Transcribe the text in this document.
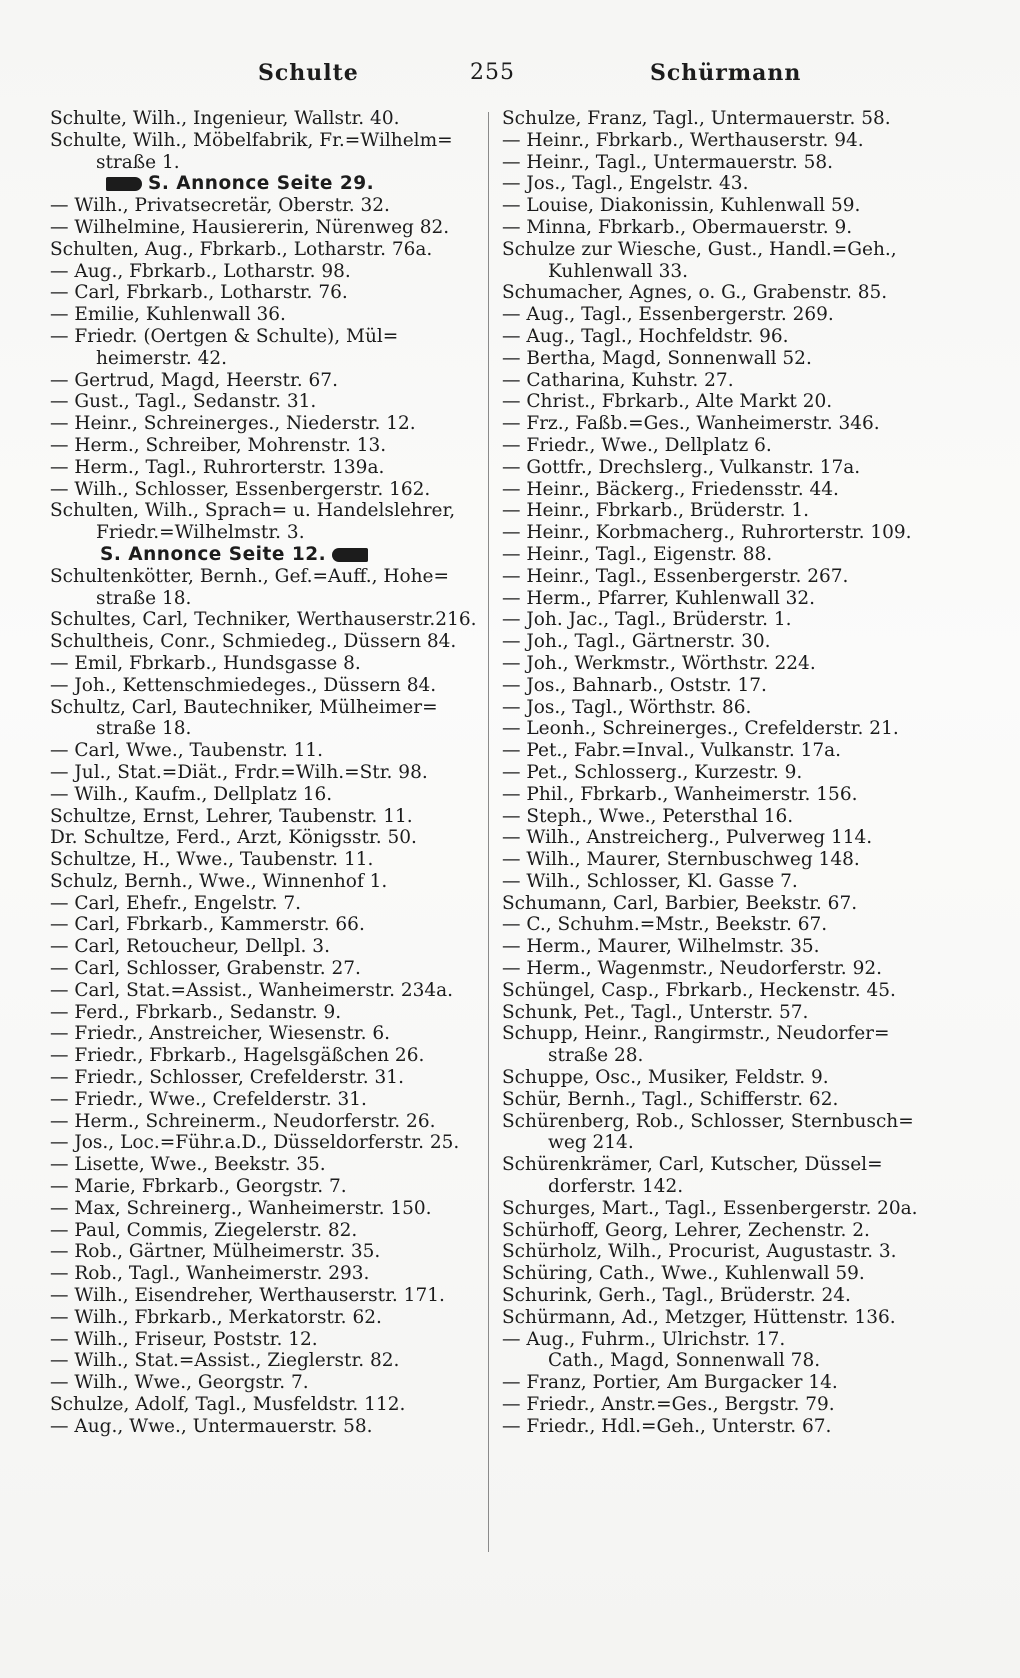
Schulte	255	Schürmann
Schulte, Wilh., Ingenieur, Wallstr. 40.
Schulte, Wilh., Möbelfabrik, Fr.=Wilhelm=
straße 1.
S. Annonce Seite 29.
— Wilh., Privatsecretär, Oberstr. 32.
— Wilhelmine, Hausiererin, Nürenweg 82.
Schulten, Aug., Fbrkarb., Lotharstr. 76a.
— Aug., Fbrkarb., Lotharstr. 98.
— Carl, Fbrkarb., Lotharstr. 76.
— Emilie, Kuhlenwall 36.
— Friedr. (Oertgen & Schulte), Mül=
heimerstr. 42.
— Gertrud, Magd, Heerstr. 67.
— Gust., Tagl., Sedanstr. 31.
— Heinr., Schreinerges., Niederstr. 12.
— Herm., Schreiber, Mohrenstr. 13.
— Herm., Tagl., Ruhrorterstr. 139a.
— Wilh., Schlosser, Essenbergerstr. 162.
Schulten, Wilh., Sprach= u. Handelslehrer,
Friedr.=Wilhelmstr. 3.
S. Annonce Seite 12.
Schultenkötter, Bernh., Gef.=Auff., Hohe=
straße 18.
Schultes, Carl, Techniker, Werthauserstr.216.
Schultheis, Conr., Schmiedeg., Düssern 84.
— Emil, Fbrkarb., Hundsgasse 8.
— Joh., Kettenschmiedeges., Düssern 84.
Schultz, Carl, Bautechniker, Mülheimer=
straße 18.
— Carl, Wwe., Taubenstr. 11.
— Jul., Stat.=Diät., Frdr.=Wilh.=Str. 98.
— Wilh., Kaufm., Dellplatz 16.
Schultze, Ernst, Lehrer, Taubenstr. 11.
Dr. Schultze, Ferd., Arzt, Königsstr. 50.
Schultze, H., Wwe., Taubenstr. 11.
Schulz, Bernh., Wwe., Winnenhof 1.
— Carl, Ehefr., Engelstr. 7.
— Carl, Fbrkarb., Kammerstr. 66.
— Carl, Retoucheur, Dellpl. 3.
— Carl, Schlosser, Grabenstr. 27.
— Carl, Stat.=Assist., Wanheimerstr. 234a.
— Ferd., Fbrkarb., Sedanstr. 9.
— Friedr., Anstreicher, Wiesenstr. 6.
— Friedr., Fbrkarb., Hagelsgäßchen 26.
— Friedr., Schlosser, Crefelderstr. 31.
— Friedr., Wwe., Crefelderstr. 31.
— Herm., Schreinerm., Neudorferstr. 26.
— Jos., Loc.=Führ.a.D., Düsseldorferstr. 25.
— Lisette, Wwe., Beekstr. 35.
— Marie, Fbrkarb., Georgstr. 7.
— Max, Schreinerg., Wanheimerstr. 150.
— Paul, Commis, Ziegelerstr. 82.
— Rob., Gärtner, Mülheimerstr. 35.
— Rob., Tagl., Wanheimerstr. 293.
— Wilh., Eisendreher, Werthauserstr. 171.
— Wilh., Fbrkarb., Merkatorstr. 62.
— Wilh., Friseur, Poststr. 12.
— Wilh., Stat.=Assist., Zieglerstr. 82.
— Wilh., Wwe., Georgstr. 7.
Schulze, Adolf, Tagl., Musfeldstr. 112.
— Aug., Wwe., Untermauerstr. 58.
Schulze, Franz, Tagl., Untermauerstr. 58.
— Heinr., Fbrkarb., Werthauserstr. 94.
— Heinr., Tagl., Untermauerstr. 58.
— Jos., Tagl., Engelstr. 43.
— Louise, Diakonissin, Kuhlenwall 59.
— Minna, Fbrkarb., Obermauerstr. 9.
Schulze zur Wiesche, Gust., Handl.=Geh.,
Kuhlenwall 33.
Schumacher, Agnes, o. G., Grabenstr. 85.
— Aug., Tagl., Essenbergerstr. 269.
— Aug., Tagl., Hochfeldstr. 96.
— Bertha, Magd, Sonnenwall 52.
— Catharina, Kuhstr. 27.
— Christ., Fbrkarb., Alte Markt 20.
— Frz., Faßb.=Ges., Wanheimerstr. 346.
— Friedr., Wwe., Dellplatz 6.
— Gottfr., Drechslerg., Vulkanstr. 17a.
— Heinr., Bäckerg., Friedensstr. 44.
— Heinr., Fbrkarb., Brüderstr. 1.
— Heinr., Korbmacherg., Ruhrorterstr. 109.
— Heinr., Tagl., Eigenstr. 88.
— Heinr., Tagl., Essenbergerstr. 267.
— Herm., Pfarrer, Kuhlenwall 32.
— Joh. Jac., Tagl., Brüderstr. 1.
— Joh., Tagl., Gärtnerstr. 30.
— Joh., Werkmstr., Wörthstr. 224.
— Jos., Bahnarb., Oststr. 17.
— Jos., Tagl., Wörthstr. 86.
— Leonh., Schreinerges., Crefelderstr. 21.
— Pet., Fabr.=Inval., Vulkanstr. 17a.
— Pet., Schlosserg., Kurzestr. 9.
— Phil., Fbrkarb., Wanheimerstr. 156.
— Steph., Wwe., Petersthal 16.
— Wilh., Anstreicherg., Pulverweg 114.
— Wilh., Maurer, Sternbuschweg 148.
— Wilh., Schlosser, Kl. Gasse 7.
Schumann, Carl, Barbier, Beekstr. 67.
— C., Schuhm.=Mstr., Beekstr. 67.
— Herm., Maurer, Wilhelmstr. 35.
— Herm., Wagenmstr., Neudorferstr. 92.
Schüngel, Casp., Fbrkarb., Heckenstr. 45.
Schunk, Pet., Tagl., Unterstr. 57.
Schupp, Heinr., Rangirmstr., Neudorfer=
straße 28.
Schuppe, Osc., Musiker, Feldstr. 9.
Schür, Bernh., Tagl., Schifferstr. 62.
Schürenberg, Rob., Schlosser, Sternbusch=
weg 214.
Schürenkrämer, Carl, Kutscher, Düssel=
dorferstr. 142.
Schurges, Mart., Tagl., Essenbergerstr. 20a.
Schürhoff, Georg, Lehrer, Zechenstr. 2.
Schürholz, Wilh., Procurist, Augustastr. 3.
Schüring, Cath., Wwe., Kuhlenwall 59.
Schurink, Gerh., Tagl., Brüderstr. 24.
Schürmann, Ad., Metzger, Hüttenstr. 136.
— Aug., Fuhrm., Ulrichstr. 17.
Cath., Magd, Sonnenwall 78.
— Franz, Portier, Am Burgacker 14.
— Friedr., Anstr.=Ges., Bergstr. 79.
— Friedr., Hdl.=Geh., Unterstr. 67.
